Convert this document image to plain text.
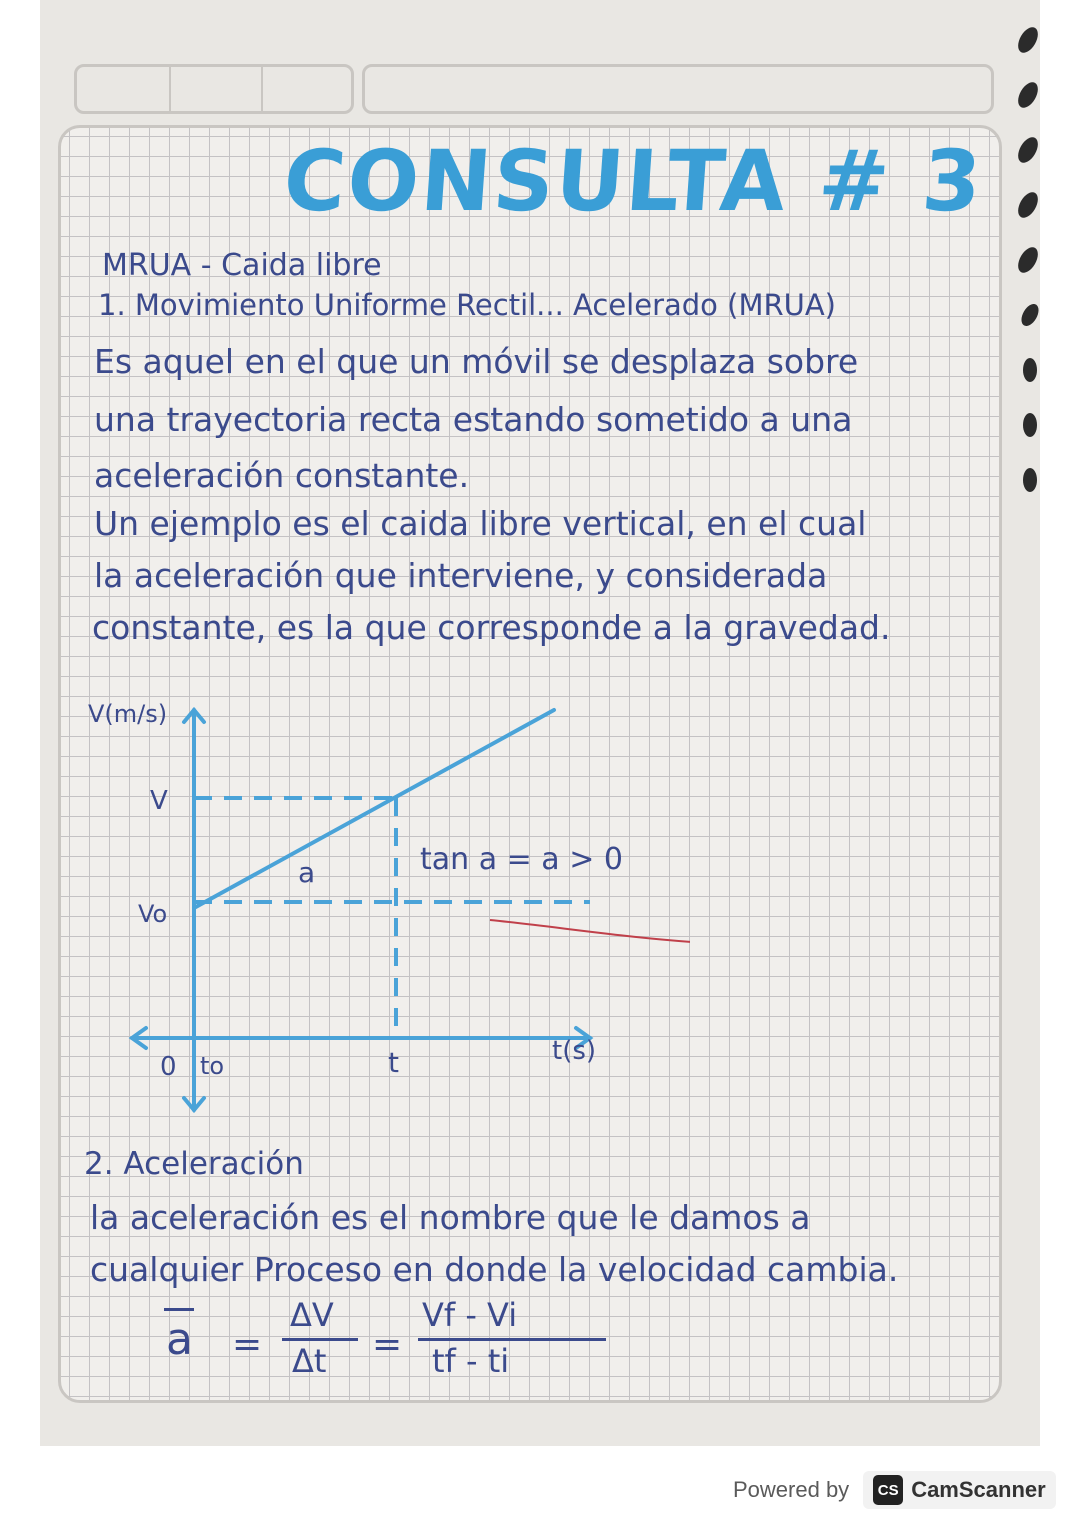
CONSULTA # 3
MRUA - Caida libre
1. Movimiento Uniforme Rectil... Acelerado (MRUA)
Es aquel en el que un móvil se desplaza sobre
una trayectoria recta estando sometido a una
aceleración constante.
Un ejemplo es el caida libre vertical, en el cual
la aceleración que interviene, y considerada
constante, es la que corresponde a la gravedad.
V(m/s)
t(s)
V
Vo
a	tan a = a > 0
0 to	t
2. Aceleración
la aceleración es el nombre que le damos a
cualquier Proceso en donde la velocidad cambia.
a =
ΔV
Δt =
Vf - Vi
tf - ti
Powered by	CS CamScanner
